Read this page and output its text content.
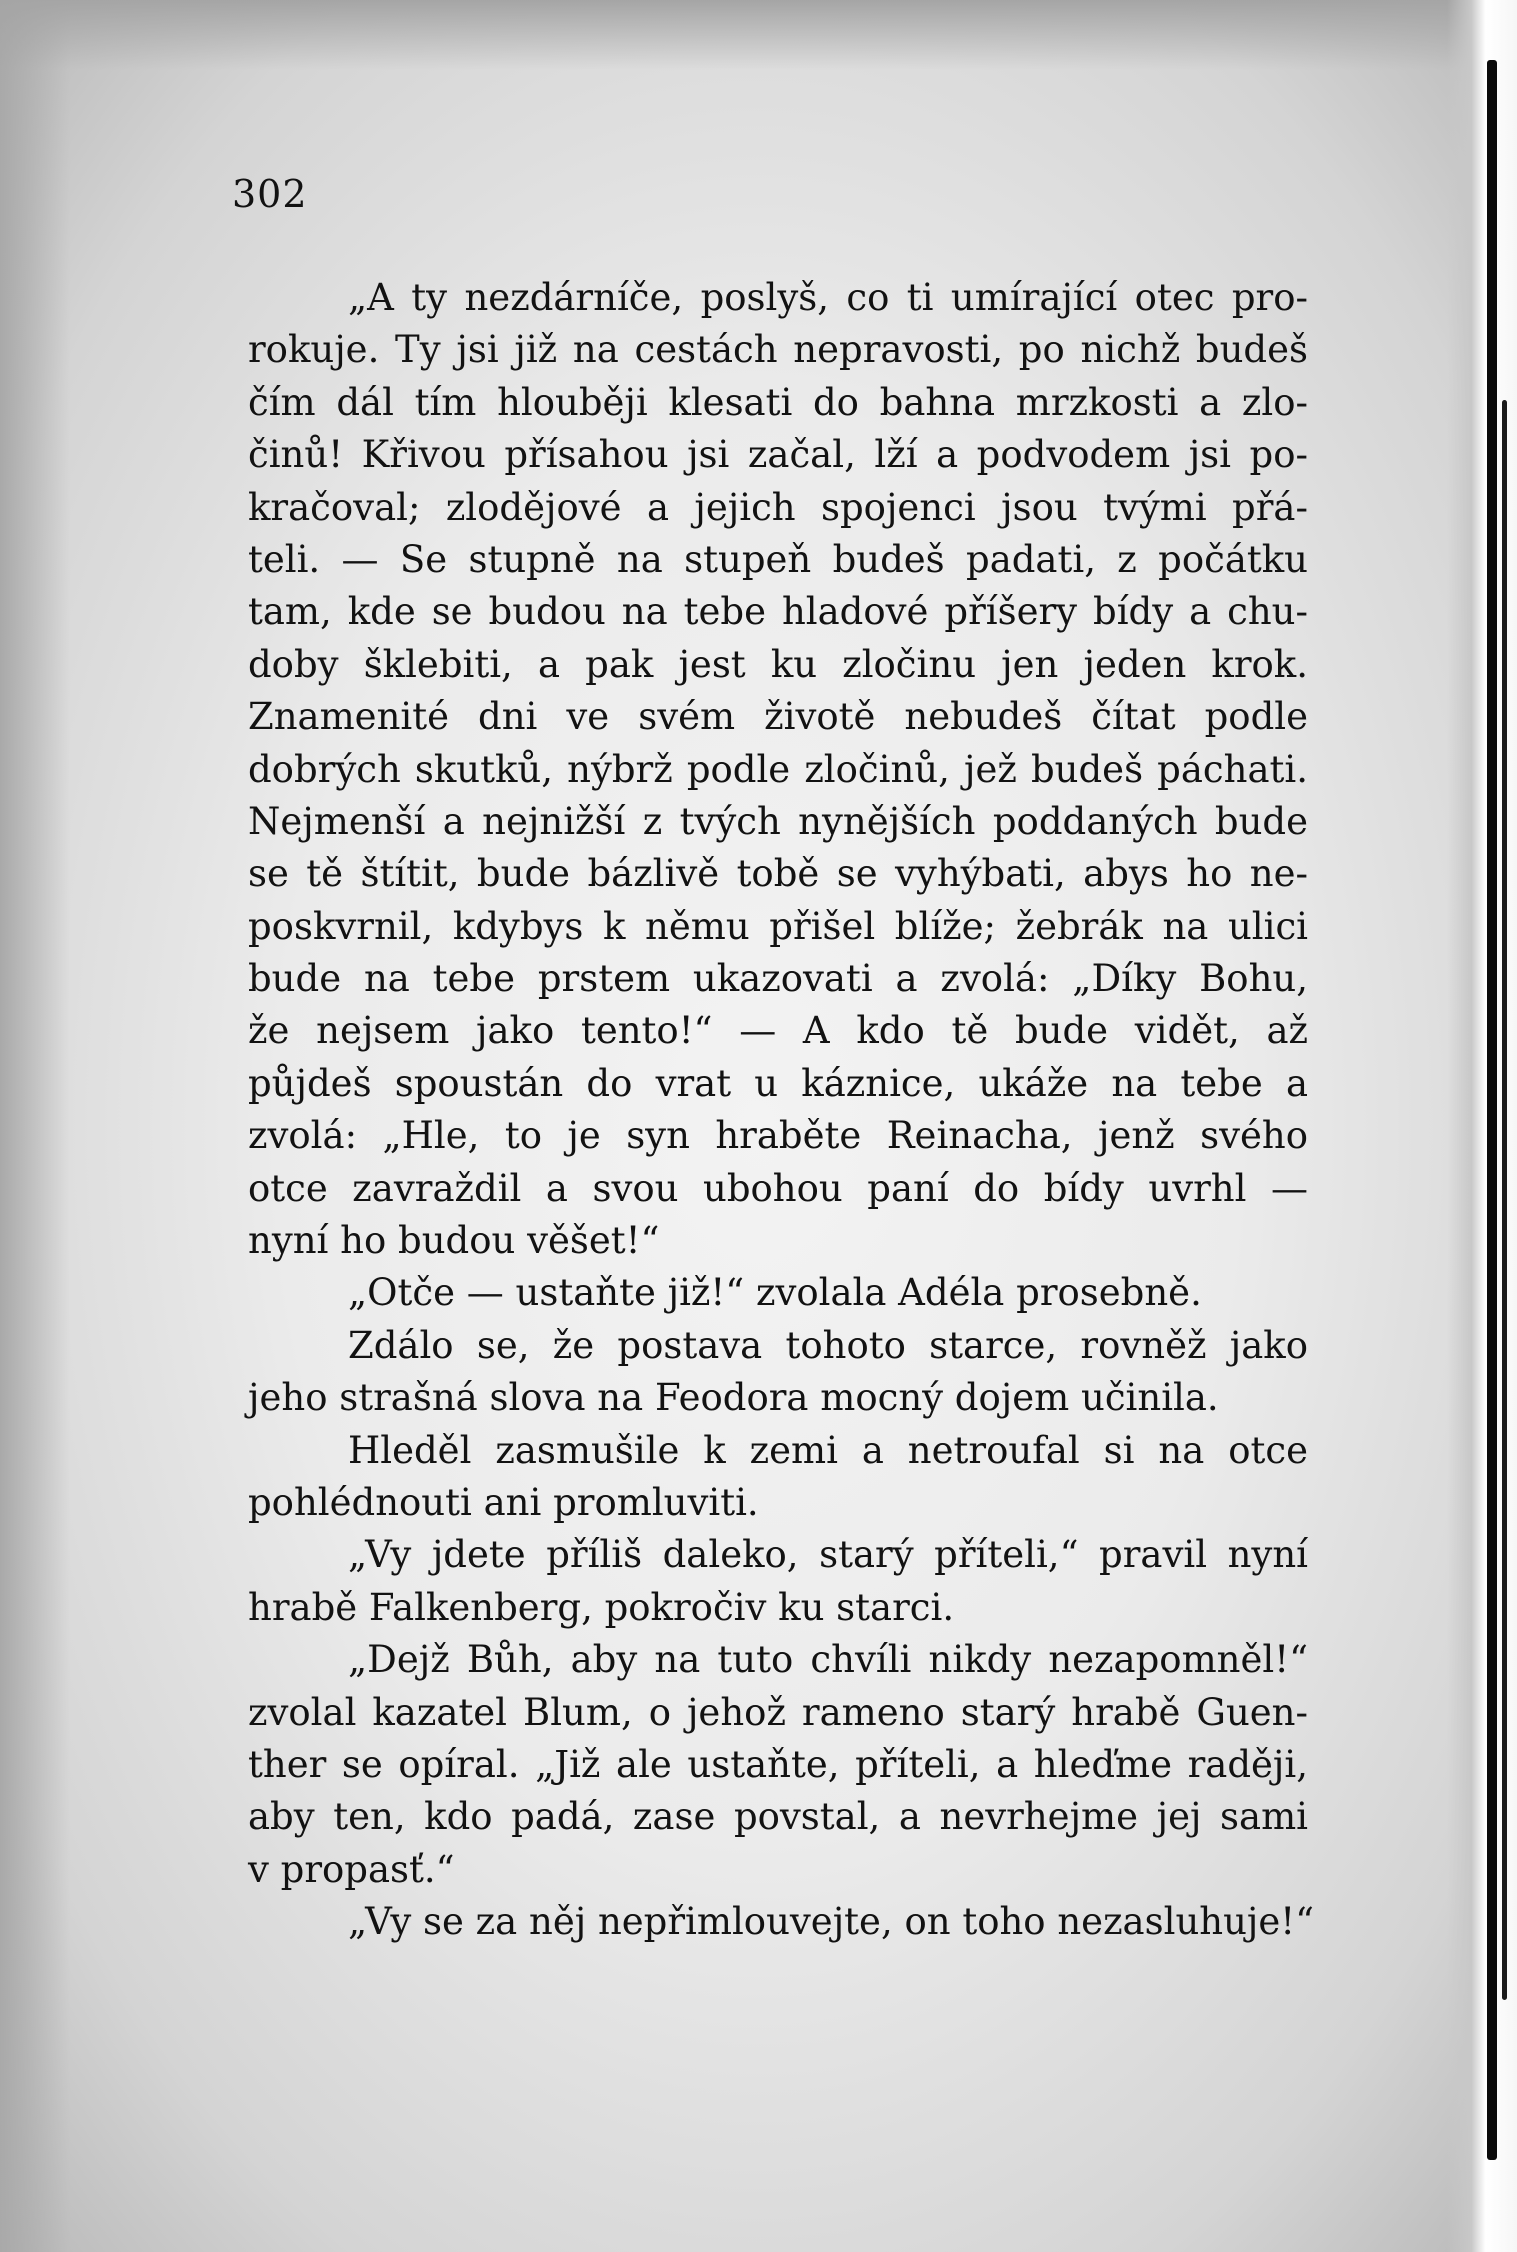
302
„A ty nezdárníče, poslyš, co ti umírající otec pro-
rokuje. Ty jsi již na cestách nepravosti, po nichž budeš
čím dál tím hlouběji klesati do bahna mrzkosti a zlo-
činů! Křivou přísahou jsi začal, lží a podvodem jsi po-
kračoval; zlodějové a jejich spojenci jsou tvými přá-
teli. — Se stupně na stupeň budeš padati, z počátku
tam, kde se budou na tebe hladové příšery bídy a chu-
doby šklebiti, a pak jest ku zločinu jen jeden krok.
Znamenité dni ve svém životě nebudeš čítat podle
dobrých skutků, nýbrž podle zločinů, jež budeš páchati.
Nejmenší a nejnižší z tvých nynějších poddaných bude
se tě štítit, bude bázlivě tobě se vyhýbati, abys ho ne-
poskvrnil, kdybys k němu přišel blíže; žebrák na ulici
bude na tebe prstem ukazovati a zvolá: „Díky Bohu,
že nejsem jako tento!“ — A kdo tě bude vidět, až
půjdeš spoustán do vrat u káznice, ukáže na tebe a
zvolá: „Hle, to je syn hraběte Reinacha, jenž svého
otce zavraždil a svou ubohou paní do bídy uvrhl —
nyní ho budou věšet!“
„Otče — ustaňte již!“ zvolala Adéla prosebně.
Zdálo se, že postava tohoto starce, rovněž jako
jeho strašná slova na Feodora mocný dojem učinila.
Hleděl zasmušile k zemi a netroufal si na otce
pohlédnouti ani promluviti.
„Vy jdete příliš daleko, starý příteli,“ pravil nyní
hrabě Falkenberg, pokročiv ku starci.
„Dejž Bůh, aby na tuto chvíli nikdy nezapomněl!“
zvolal kazatel Blum, o jehož rameno starý hrabě Guen-
ther se opíral. „Již ale ustaňte, příteli, a hleďme raději,
aby ten, kdo padá, zase povstal, a nevrhejme jej sami
v propasť.“
„Vy se za něj nepřimlouvejte, on toho nezasluhuje!“
